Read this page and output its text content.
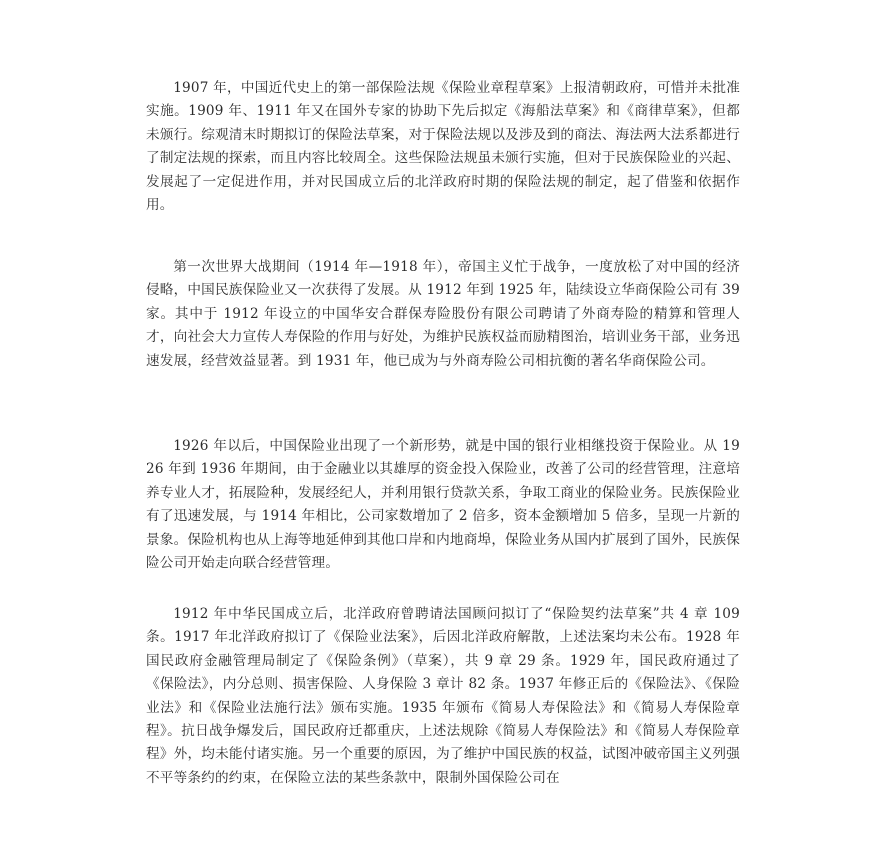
1907 年，中国近代史上的第一部保险法规《保险业章程草案》上报清朝政府，可惜并未批准实施。1909 年、1911 年又在国外专家的协助下先后拟定《海船法草案》和《商律草案》，但都未颁行。综观清末时期拟订的保险法草案，对于保险法规以及涉及到的商法、海法两大法系都进行了制定法规的探索，而且内容比较周全。这些保险法规虽未颁行实施，但对于民族保险业的兴起、发展起了一定促进作用，并对民国成立后的北洋政府时期的保险法规的制定，起了借鉴和依据作用。

第一次世界大战期间（1914 年—1918 年），帝国主义忙于战争，一度放松了对中国的经济侵略，中国民族保险业又一次获得了发展。从 1912 年到 1925 年，陆续设立华商保险公司有 39 家。其中于 1912 年设立的中国华安合群保寿险股份有限公司聘请了外商寿险的精算和管理人才，向社会大力宣传人寿保险的作用与好处，为维护民族权益而励精图治，培训业务干部，业务迅速发展，经营效益显著。到 1931 年，他已成为与外商寿险公司相抗衡的著名华商保险公司。

1926 年以后，中国保险业出现了一个新形势，就是中国的银行业相继投资于保险业。从 1926 年到 1936 年期间，由于金融业以其雄厚的资金投入保险业，改善了公司的经营管理，注意培养专业人才，拓展险种，发展经纪人，并利用银行贷款关系，争取工商业的保险业务。民族保险业有了迅速发展，与 1914 年相比，公司家数增加了 2 倍多，资本金额增加 5 倍多，呈现一片新的景象。保险机构也从上海等地延伸到其他口岸和内地商埠，保险业务从国内扩展到了国外，民族保险公司开始走向联合经营管理。

1912 年中华民国成立后，北洋政府曾聘请法国顾问拟订了“保险契约法草案”共 4 章 109 条。1917 年北洋政府拟订了《保险业法案》，后因北洋政府解散，上述法案均未公布。1928 年国民政府金融管理局制定了《保险条例》（草案），共 9 章 29 条。1929 年，国民政府通过了《保险法》，内分总则、损害保险、人身保险 3 章计 82 条。1937 年修正后的《保险法》、《保险业法》和《保险业法施行法》颁布实施。1935 年颁布《简易人寿保险法》和《简易人寿保险章程》。抗日战争爆发后，国民政府迁都重庆，上述法规除《简易人寿保险法》和《简易人寿保险章程》外，均未能付诸实施。另一个重要的原因，为了维护中国民族的权益，试图冲破帝国主义列强不平等条约的约束，在保险立法的某些条款中，限制外国保险公司在
